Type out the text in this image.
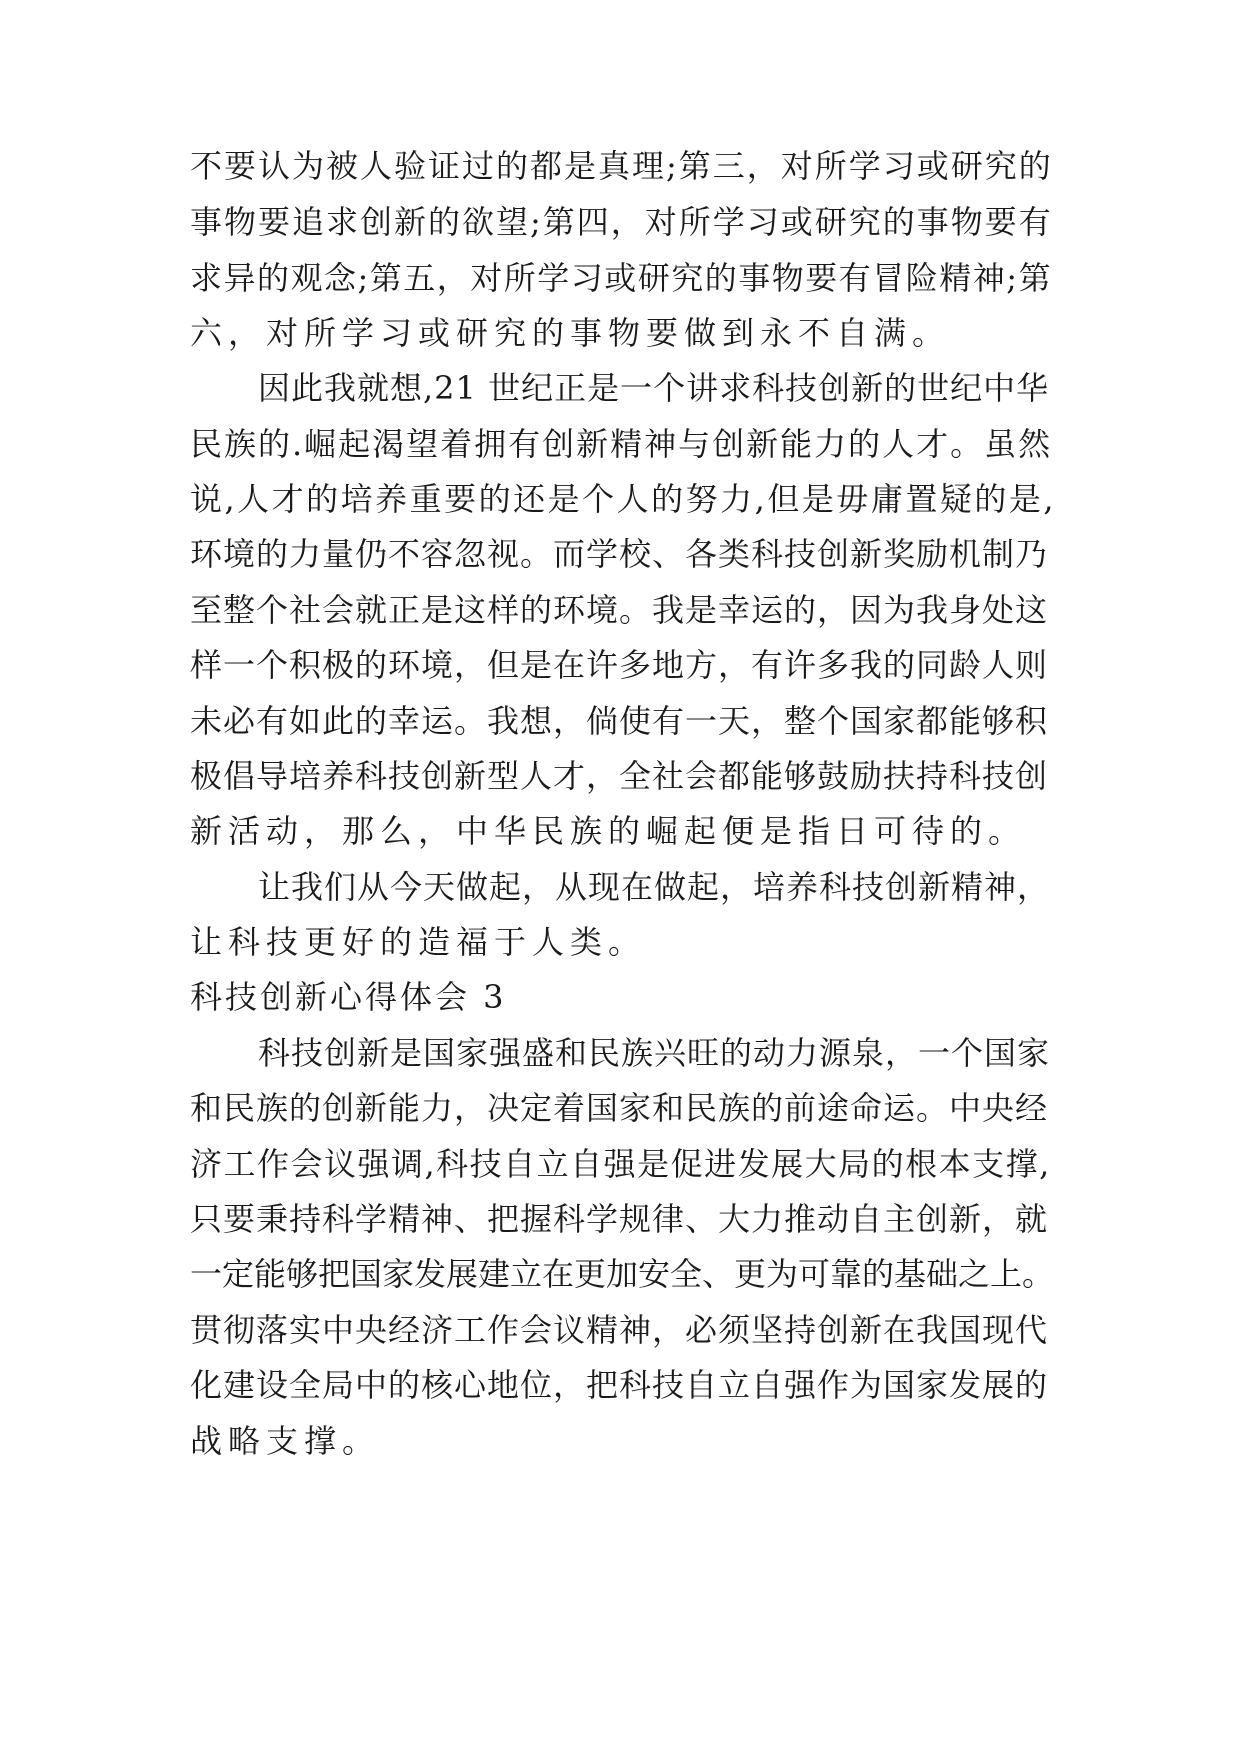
不要认为被人验证过的都是真理;第三，对所学习或研究的
事物要追求创新的欲望;第四，对所学习或研究的事物要有
求异的观念;第五，对所学习或研究的事物要有冒险精神;第
六，对所学习或研究的事物要做到永不自满。
因此我就想,21 世纪正是一个讲求科技创新的世纪中华
民族的.崛起渴望着拥有创新精神与创新能力的人才。虽然
说,人才的培养重要的还是个人的努力,但是毋庸置疑的是,
环境的力量仍不容忽视。而学校、各类科技创新奖励机制乃
至整个社会就正是这样的环境。我是幸运的，因为我身处这
样一个积极的环境，但是在许多地方，有许多我的同龄人则
未必有如此的幸运。我想，倘使有一天，整个国家都能够积
极倡导培养科技创新型人才，全社会都能够鼓励扶持科技创
新活动，那么，中华民族的崛起便是指日可待的。
让我们从今天做起，从现在做起，培养科技创新精神，
让科技更好的造福于人类。
科技创新心得体会 3
科技创新是国家强盛和民族兴旺的动力源泉，一个国家
和民族的创新能力，决定着国家和民族的前途命运。中央经
济工作会议强调,科技自立自强是促进发展大局的根本支撑,
只要秉持科学精神、把握科学规律、大力推动自主创新，就
一定能够把国家发展建立在更加安全、更为可靠的基础之上。
贯彻落实中央经济工作会议精神，必须坚持创新在我国现代
化建设全局中的核心地位，把科技自立自强作为国家发展的
战略支撑。
